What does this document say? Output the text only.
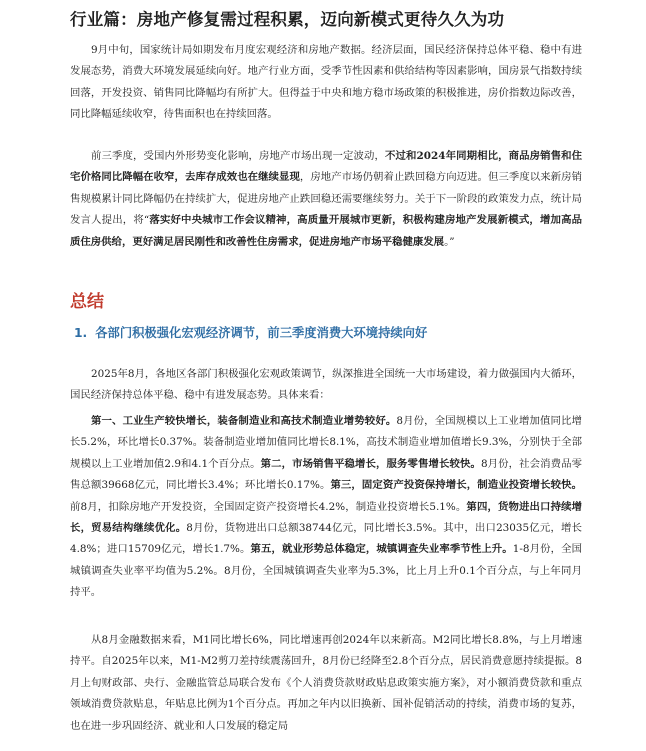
行业篇：房地产修复需过程积累，迈向新模式更待久久为功

9月中旬，国家统计局如期发布月度宏观经济和房地产数据。经济层面，国民经济保持总体平稳、稳中有进发展态势，消费大环境发展延续向好。地产行业方面，受季节性因素和供给结构等因素影响，国房景气指数持续回落，开发投资、销售同比降幅均有所扩大。但得益于中央和地方稳市场政策的积极推进，房价指数边际改善，同比降幅延续收窄，待售面积也在持续回落。

前三季度，受国内外形势变化影响，房地产市场出现一定波动，不过和2024年同期相比，商品房销售和住宅价格同比降幅在收窄，去库存成效也在继续显现，房地产市场仍朝着止跌回稳方向迈进。但三季度以来新房销售规模累计同比降幅仍在持续扩大，促进房地产止跌回稳还需要继续努力。关于下一阶段的政策发力点，统计局发言人提出，将“落实好中央城市工作会议精神，高质量开展城市更新，积极构建房地产发展新模式，增加高品质住房供给，更好满足居民刚性和改善性住房需求，促进房地产市场平稳健康发展。”

总结
1. 各部门积极强化宏观经济调节，前三季度消费大环境持续向好

2025年8月，各地区各部门积极强化宏观政策调节，纵深推进全国统一大市场建设，着力做强国内大循环，国民经济保持总体平稳、稳中有进发展态势。具体来看：

第一、工业生产较快增长，装备制造业和高技术制造业增势较好。8月份，全国规模以上工业增加值同比增长5.2%，环比增长0.37%。装备制造业增加值同比增长8.1%，高技术制造业增加值增长9.3%，分别快于全部规模以上工业增加值2.9和4.1个百分点。第二，市场销售平稳增长，服务零售增长较快。8月份，社会消费品零售总额39668亿元，同比增长3.4%；环比增长0.17%。第三，固定资产投资保持增长，制造业投资增长较快。前8月，扣除房地产开发投资，全国固定资产投资增长4.2%，制造业投资增长5.1%。第四，货物进出口持续增长，贸易结构继续优化。8月份，货物进出口总额38744亿元，同比增长3.5%。其中，出口23035亿元，增长4.8%；进口15709亿元，增长1.7%。第五，就业形势总体稳定，城镇调查失业率季节性上升。1-8月份，全国城镇调查失业率平均值为5.2%。8月份，全国城镇调查失业率为5.3%，比上月上升0.1个百分点，与上年同月持平。

从8月金融数据来看，M1同比增长6%，同比增速再创2024年以来新高。M2同比增长8.8%，与上月增速持平。自2025年以来，M1-M2剪刀差持续震荡回升，8月份已经降至2.8个百分点，居民消费意愿持续提振。8月上旬财政部、央行、金融监管总局联合发布《个人消费贷款财政贴息政策实施方案》，对小额消费贷款和重点领域消费贷款贴息，年贴息比例为1个百分点。再加之年内以旧换新、国补促销活动的持续，消费市场的复苏，也在进一步巩固经济、就业和人口发展的稳定局
